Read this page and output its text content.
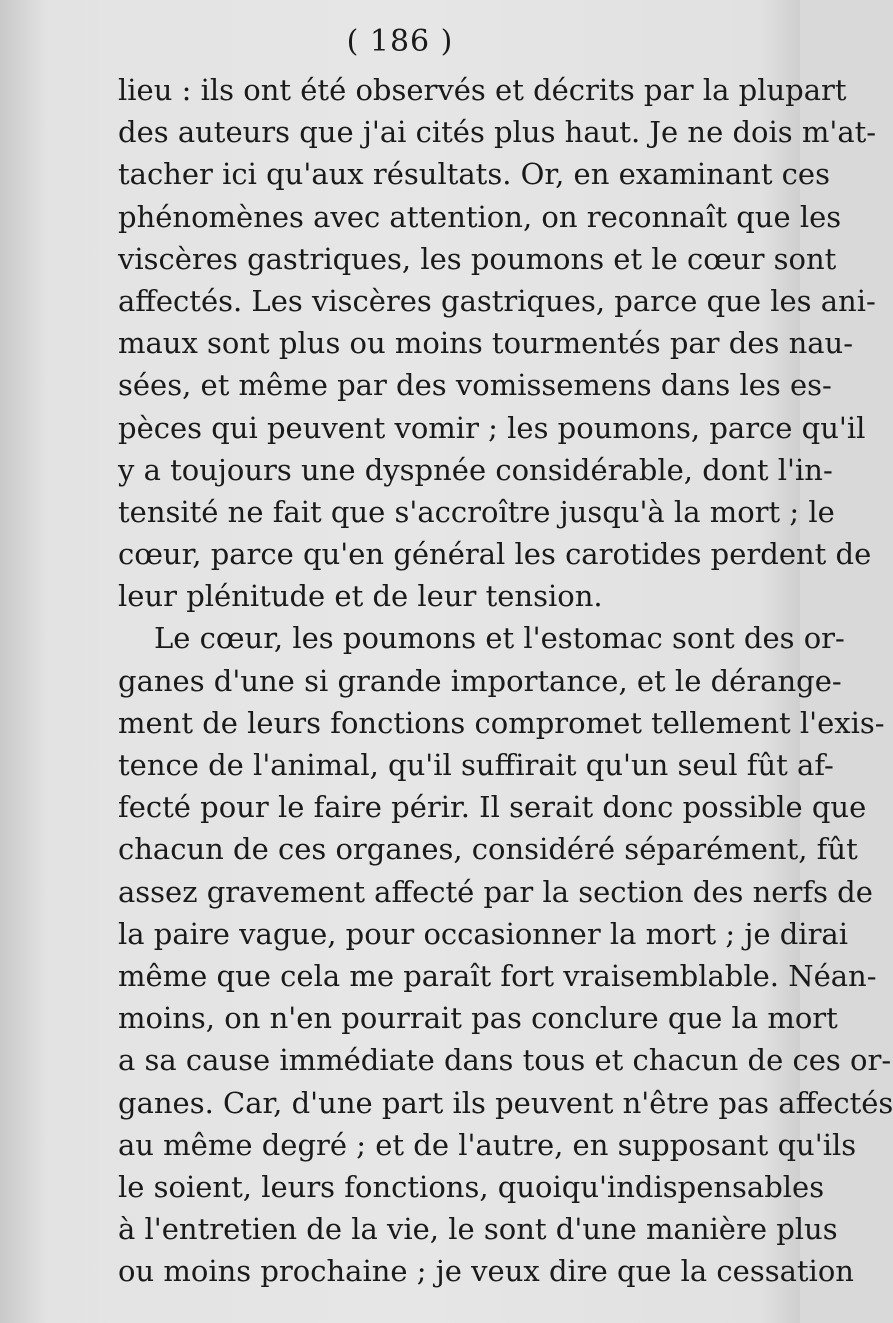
( 186 )
lieu : ils ont été observés et décrits par la plupart
des auteurs que j'ai cités plus haut. Je ne dois m'at-
tacher ici qu'aux résultats. Or, en examinant ces
phénomènes avec attention, on reconnaît que les
viscères gastriques, les poumons et le cœur sont
affectés. Les viscères gastriques, parce que les ani-
maux sont plus ou moins tourmentés par des nau-
sées, et même par des vomissemens dans les es-
pèces qui peuvent vomir ; les poumons, parce qu'il
y a toujours une dyspnée considérable, dont l'in-
tensité ne fait que s'accroître jusqu'à la mort ; le
cœur, parce qu'en général les carotides perdent de
leur plénitude et de leur tension.
Le cœur, les poumons et l'estomac sont des or-
ganes d'une si grande importance, et le dérange-
ment de leurs fonctions compromet tellement l'exis-
tence de l'animal, qu'il suffirait qu'un seul fût af-
fecté pour le faire périr. Il serait donc possible que
chacun de ces organes, considéré séparément, fût
assez gravement affecté par la section des nerfs de
la paire vague, pour occasionner la mort ; je dirai
même que cela me paraît fort vraisemblable. Néan-
moins, on n'en pourrait pas conclure que la mort
a sa cause immédiate dans tous et chacun de ces or-
ganes. Car, d'une part ils peuvent n'être pas affectés
au même degré ; et de l'autre, en supposant qu'ils
le soient, leurs fonctions, quoiqu'indispensables
à l'entretien de la vie, le sont d'une manière plus
ou moins prochaine ; je veux dire que la cessation
